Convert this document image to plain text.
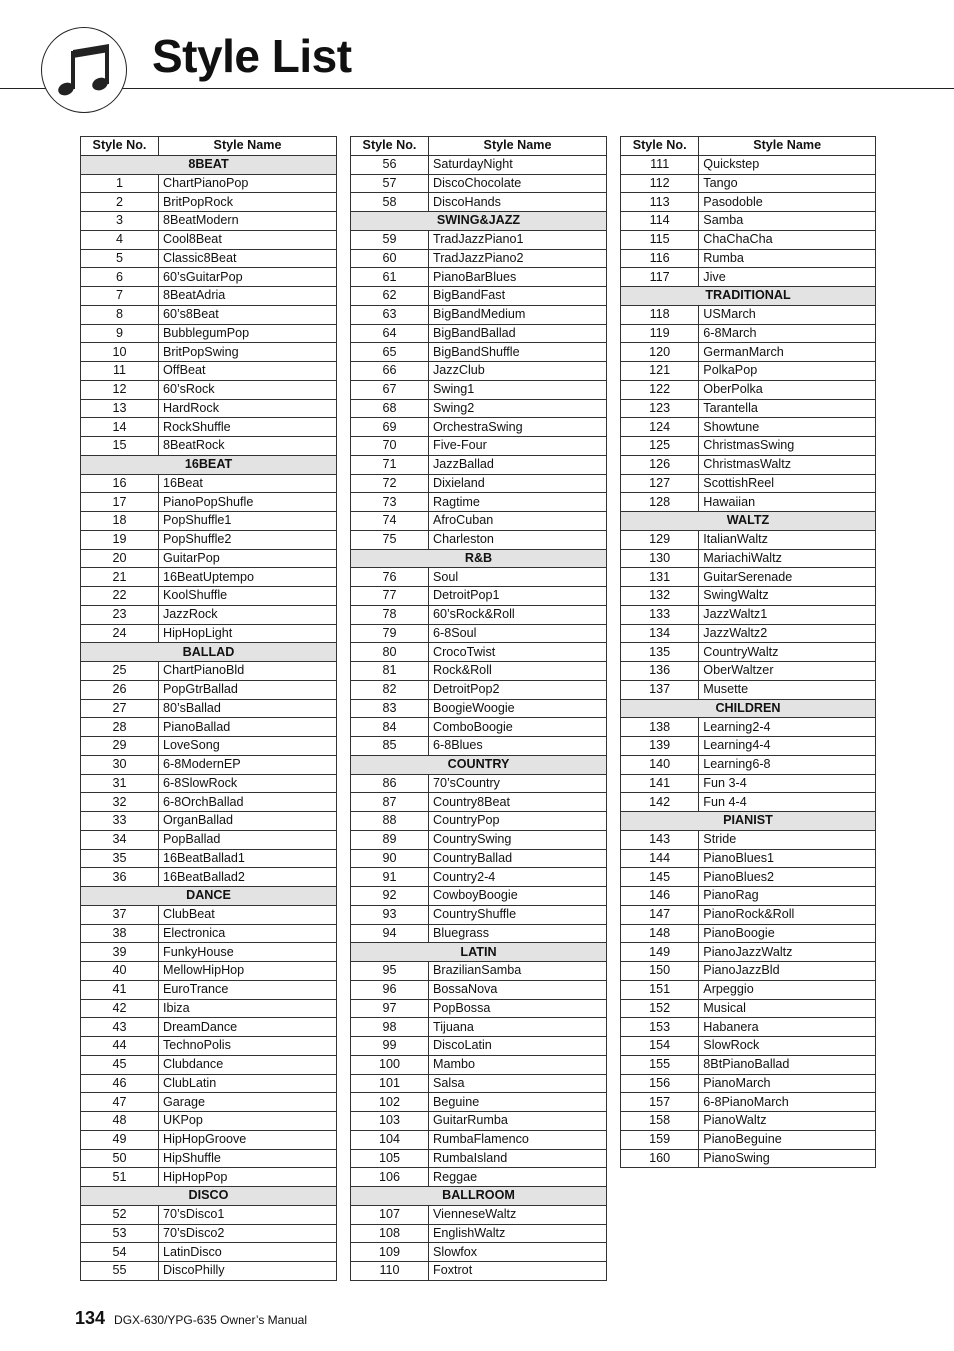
Style List
Style No.	Style Name
8BEAT	
1	ChartPianoPop
2	BritPopRock
3	8BeatModern
4	Cool8Beat
5	Classic8Beat
6	60’sGuitarPop
7	8BeatAdria
8	60’s8Beat
9	BubblegumPop
10	BritPopSwing
11	OffBeat
12	60’sRock
13	HardRock
14	RockShuffle
15	8BeatRock
16BEAT	
16	16Beat
17	PianoPopShufle
18	PopShuffle1
19	PopShuffle2
20	GuitarPop
21	16BeatUptempo
22	KoolShuffle
23	JazzRock
24	HipHopLight
BALLAD	
25	ChartPianoBld
26	PopGtrBallad
27	80’sBallad
28	PianoBallad
29	LoveSong
30	6-8ModernEP
31	6-8SlowRock
32	6-8OrchBallad
33	OrganBallad
34	PopBallad
35	16BeatBallad1
36	16BeatBallad2
DANCE	
37	ClubBeat
38	Electronica
39	FunkyHouse
40	MellowHipHop
41	EuroTrance
42	Ibiza
43	DreamDance
44	TechnoPolis
45	Clubdance
46	ClubLatin
47	Garage
48	UKPop
49	HipHopGroove
50	HipShuffle
51	HipHopPop
DISCO	
52	70’sDisco1
53	70’sDisco2
54	LatinDisco
55	DiscoPhilly
Style No.	Style Name
56	SaturdayNight
57	DiscoChocolate
58	DiscoHands
SWING&JAZZ	
59	TradJazzPiano1
60	TradJazzPiano2
61	PianoBarBlues
62	BigBandFast
63	BigBandMedium
64	BigBandBallad
65	BigBandShuffle
66	JazzClub
67	Swing1
68	Swing2
69	OrchestraSwing
70	Five-Four
71	JazzBallad
72	Dixieland
73	Ragtime
74	AfroCuban
75	Charleston
R&B	
76	Soul
77	DetroitPop1
78	60’sRock&Roll
79	6-8Soul
80	CrocoTwist
81	Rock&Roll
82	DetroitPop2
83	BoogieWoogie
84	ComboBoogie
85	6-8Blues
COUNTRY	
86	70’sCountry
87	Country8Beat
88	CountryPop
89	CountrySwing
90	CountryBallad
91	Country2-4
92	CowboyBoogie
93	CountryShuffle
94	Bluegrass
LATIN	
95	BrazilianSamba
96	BossaNova
97	PopBossa
98	Tijuana
99	DiscoLatin
100	Mambo
101	Salsa
102	Beguine
103	GuitarRumba
104	RumbaFlamenco
105	RumbaIsland
106	Reggae
BALLROOM	
107	VienneseWaltz
108	EnglishWaltz
109	Slowfox
110	Foxtrot
Style No.	Style Name
111	Quickstep
112	Tango
113	Pasodoble
114	Samba
115	ChaChaCha
116	Rumba
117	Jive
TRADITIONAL	
118	USMarch
119	6-8March
120	GermanMarch
121	PolkaPop
122	OberPolka
123	Tarantella
124	Showtune
125	ChristmasSwing
126	ChristmasWaltz
127	ScottishReel
128	Hawaiian
WALTZ	
129	ItalianWaltz
130	MariachiWaltz
131	GuitarSerenade
132	SwingWaltz
133	JazzWaltz1
134	JazzWaltz2
135	CountryWaltz
136	OberWaltzer
137	Musette
CHILDREN	
138	Learning2-4
139	Learning4-4
140	Learning6-8
141	Fun 3-4
142	Fun 4-4
PIANIST	
143	Stride
144	PianoBlues1
145	PianoBlues2
146	PianoRag
147	PianoRock&Roll
148	PianoBoogie
149	PianoJazzWaltz
150	PianoJazzBld
151	Arpeggio
152	Musical
153	Habanera
154	SlowRock
155	8BtPianoBallad
156	PianoMarch
157	6-8PianoMarch
158	PianoWaltz
159	PianoBeguine
160	PianoSwing
134 DGX-630/YPG-635 Owner’s Manual
